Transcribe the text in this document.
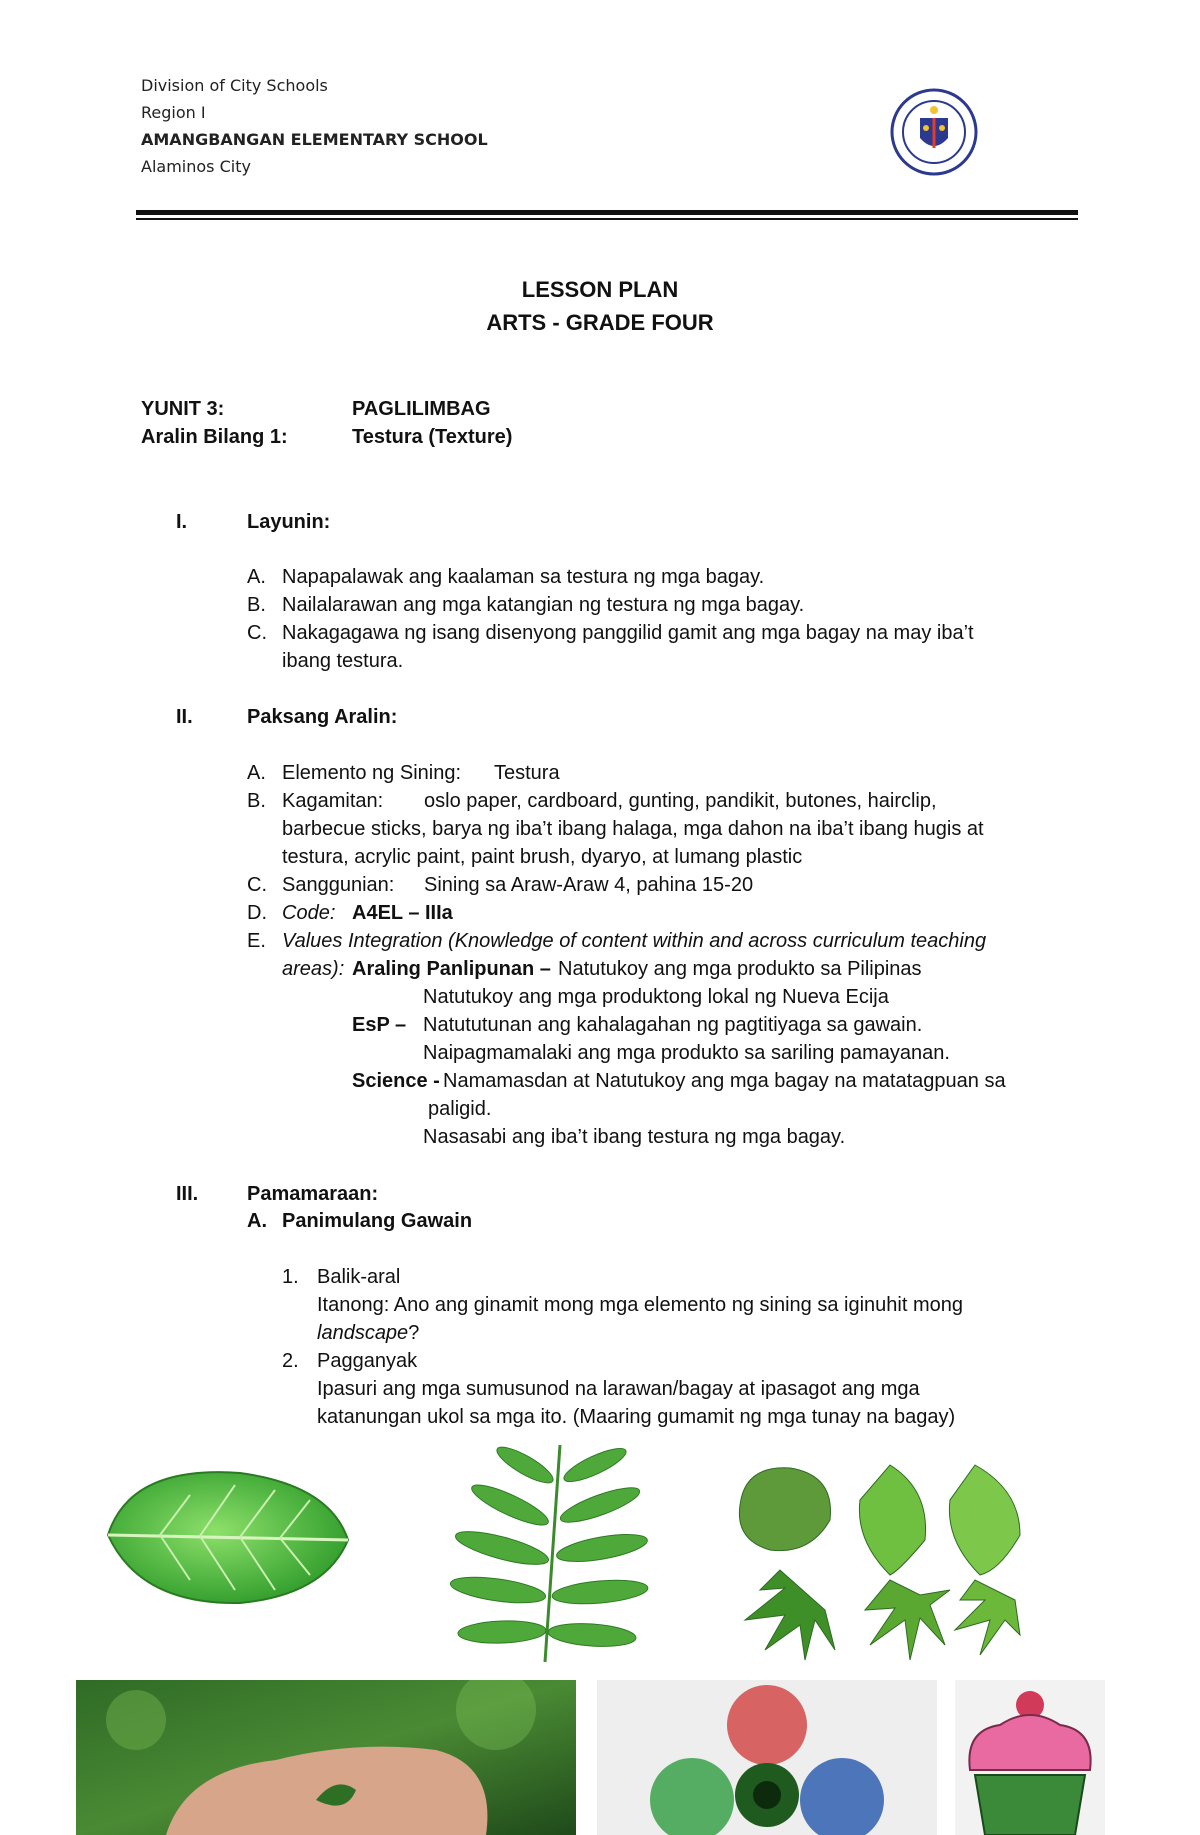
Division of City Schools
Region I
AMANGBANGAN ELEMENTARY SCHOOL
Alaminos City
LESSON PLAN
ARTS - GRADE FOUR
YUNIT 3:	PAGLILIMBAG
Aralin Bilang 1:	Testura (Texture)
I.	Layunin:
A. Napapalawak ang kaalaman sa testura ng mga bagay.
B. Nailalarawan ang mga katangian ng testura ng mga bagay.
C. Nakagagawa ng isang disenyong panggilid gamit ang mga bagay na may iba’t
ibang testura.
II.	Paksang Aralin:
A. Elemento ng Sining: Testura
B. Kagamitan: oslo paper, cardboard, gunting, pandikit, butones, hairclip,
barbecue sticks, barya ng iba’t ibang halaga, mga dahon na iba’t ibang hugis at
testura, acrylic paint, paint brush, dyaryo, at lumang plastic
C. Sanggunian: Sining sa Araw-Araw 4, pahina 15-20
D. Code: A4EL – IIIa
E. Values Integration (Knowledge of content within and across curriculum teaching
areas): Araling Panlipunan – Natutukoy ang mga produkto sa Pilipinas
Natutukoy ang mga produktong lokal ng Nueva Ecija
EsP – Natututunan ang kahalagahan ng pagtitiyaga sa gawain.
Naipagmamalaki ang mga produkto sa sariling pamayanan.
Science - Namamasdan at Natutukoy ang mga bagay na matatagpuan sa
paligid.
Nasasabi ang iba’t ibang testura ng mga bagay.
III. Pamamaraan:
A. Panimulang Gawain
1. Balik-aral
Itanong: Ano ang ginamit mong mga elemento ng sining sa iginuhit mong
landscape?
2. Pagganyak
Ipasuri ang mga sumusunod na larawan/bagay at ipasagot ang mga
katanungan ukol sa mga ito. (Maaring gumamit ng mga tunay na bagay)
